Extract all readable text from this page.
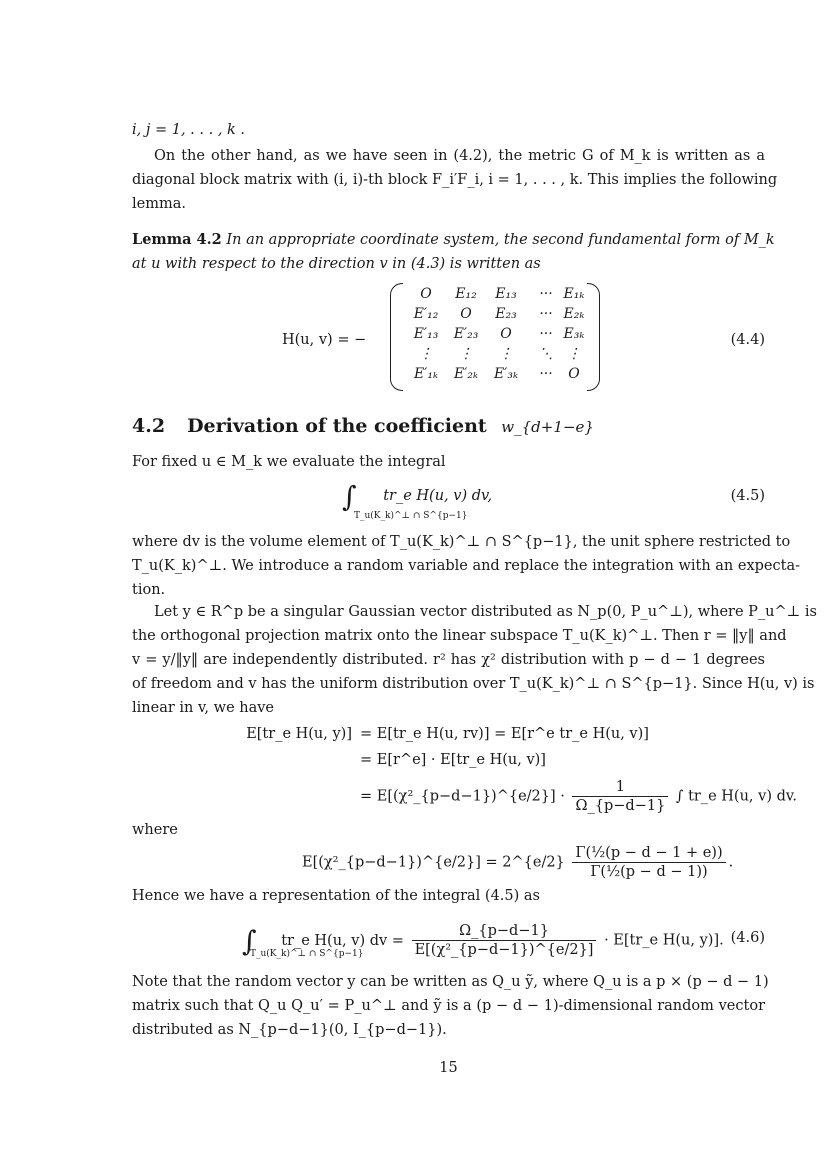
i, j = 1, . . . , k .
On the other hand, as we have seen in (4.2), the metric G of M_k is written as a
diagonal block matrix with (i, i)-th block F_i′F_i, i = 1, . . . , k. This implies the following
lemma.
Lemma 4.2 In an appropriate coordinate system, the second fundamental form of M_k
at u with respect to the direction v in (4.3) is written as
H(u, v) = −
O	E₁₂	E₁₃	··· E₁ₖ
E′₁₂	O	E₂₃	··· E₂ₖ
E′₁₃	E′₂₃	O	··· E₃ₖ
⋮	⋮	⋮	⋱	⋮
E′₁ₖ	E′₂ₖ	E′₃ₖ	···	O
(4.4)
4.2 Derivation of the coefficient w_{d+1−e}
For fixed u ∈ M_k we evaluate the integral
∫ tr_e H(u, v) dv,
T_u(K_k)^⊥ ∩ S^{p−1}
(4.5)
where dv is the volume element of T_u(K_k)^⊥ ∩ S^{p−1}, the unit sphere restricted to
T_u(K_k)^⊥. We introduce a random variable and replace the integration with an expecta-
tion.
Let y ∈ R^p be a singular Gaussian vector distributed as N_p(0, P_u^⊥), where P_u^⊥ is
the orthogonal projection matrix onto the linear subspace T_u(K_k)^⊥. Then r = ‖y‖ and
v = y/‖y‖ are independently distributed. r² has χ² distribution with p − d − 1 degrees
of freedom and v has the uniform distribution over T_u(K_k)^⊥ ∩ S^{p−1}. Since H(u, v) is
linear in v, we have
E[tr_e H(u, y)] = E[tr_e H(u, rv)] = E[r^e tr_e H(u, v)]
= E[r^e] · E[tr_e H(u, v)]
= E[(χ²_{p−d−1})^{e/2}] · $\frac{1}{\Omega\_\{p-d-1\}}$ ∫ tr_e H(u, v) dv.
where
E[(χ²_{p−d−1})^{e/2}] = 2^{e/2} $\frac{\text{Γ(½(p − d − 1 + e))}}{\text{Γ(½(p − d − 1))}}$ .
Hence we have a representation of the integral (4.5) as
∫ tr_e H(u, v) dv = $\frac{\Omega\_\{p-d-1\}}{\text{E[(χ²\_\{p−d−1\})\textasciicircum{}\{e/2\}]}}$ · E[tr_e H(u, y)].
T_u(K_k)^⊥ ∩ S^{p−1}
(4.6)
Note that the random vector y can be written as Q_u ỹ, where Q_u is a p × (p − d − 1)
matrix such that Q_u Q_u′ = P_u^⊥ and ỹ is a (p − d − 1)-dimensional random vector
distributed as N_{p−d−1}(0, I_{p−d−1}).
15
